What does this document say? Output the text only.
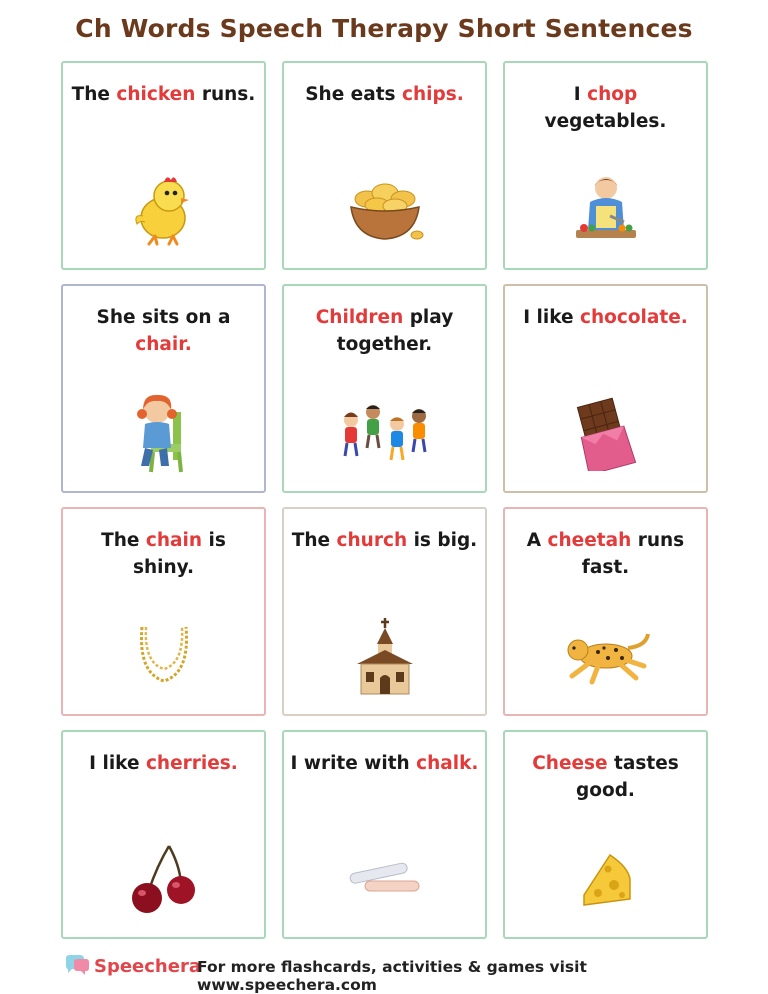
Ch Words Speech Therapy Short Sentences
The chicken runs.	She eats chips.	I chop vegetables.
She sits on a chair.
Children play together.
I like chocolate.
The chain is shiny.
The church is big.	A cheetah runs fast.
I like cherries.	I write with chalk.	Cheese tastes good.
Speechera
For more flashcards, activities & games visit www.speechera.com
